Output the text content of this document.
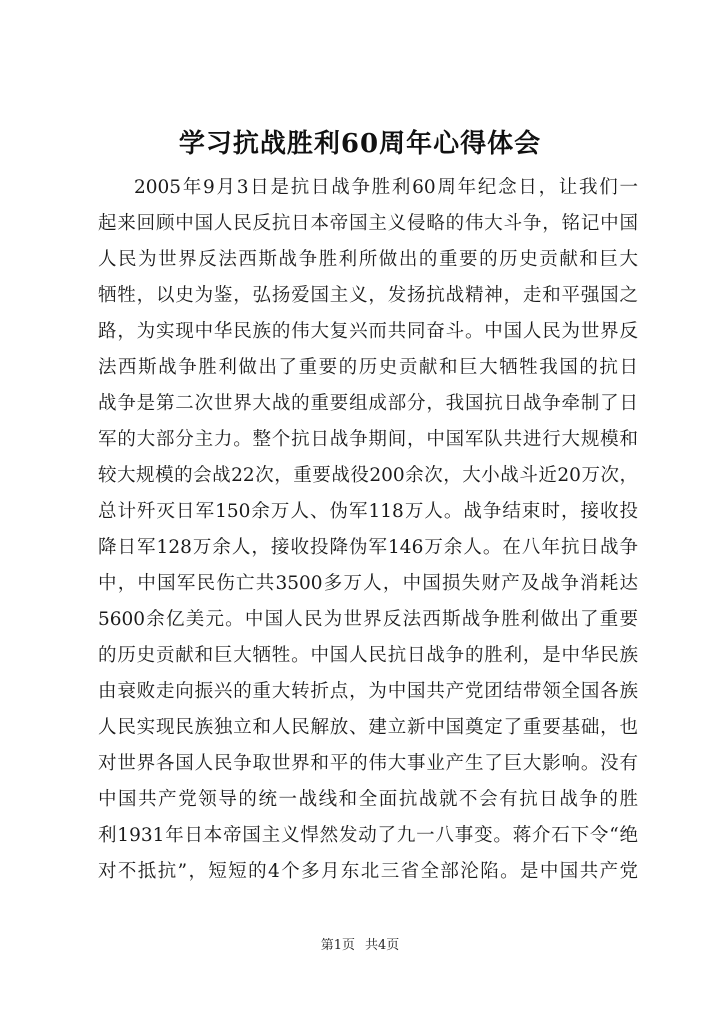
学习抗战胜利60周年心得体会
2005年9月3日是抗日战争胜利60周年纪念日，让我们一
起来回顾中国人民反抗日本帝国主义侵略的伟大斗争，铭记中国
人民为世界反法西斯战争胜利所做出的重要的历史贡献和巨大
牺牲，以史为鉴，弘扬爱国主义，发扬抗战精神，走和平强国之
路，为实现中华民族的伟大复兴而共同奋斗。中国人民为世界反
法西斯战争胜利做出了重要的历史贡献和巨大牺牲我国的抗日
战争是第二次世界大战的重要组成部分，我国抗日战争牵制了日
军的大部分主力。整个抗日战争期间，中国军队共进行大规模和
较大规模的会战22次，重要战役200余次，大小战斗近20万次，
总计歼灭日军150余万人、伪军118万人。战争结束时，接收投
降日军128万余人，接收投降伪军146万余人。在八年抗日战争
中，中国军民伤亡共3500多万人，中国损失财产及战争消耗达
5600余亿美元。中国人民为世界反法西斯战争胜利做出了重要
的历史贡献和巨大牺牲。中国人民抗日战争的胜利，是中华民族
由衰败走向振兴的重大转折点，为中国共产党团结带领全国各族
人民实现民族独立和人民解放、建立新中国奠定了重要基础，也
对世界各国人民争取世界和平的伟大事业产生了巨大影响。没有
中国共产党领导的统一战线和全面抗战就不会有抗日战争的胜
利1931年日本帝国主义悍然发动了九一八事变。蒋介石下令“绝
对不抵抗”，短短的4个多月东北三省全部沦陷。是中国共产党
第1页 共4页
